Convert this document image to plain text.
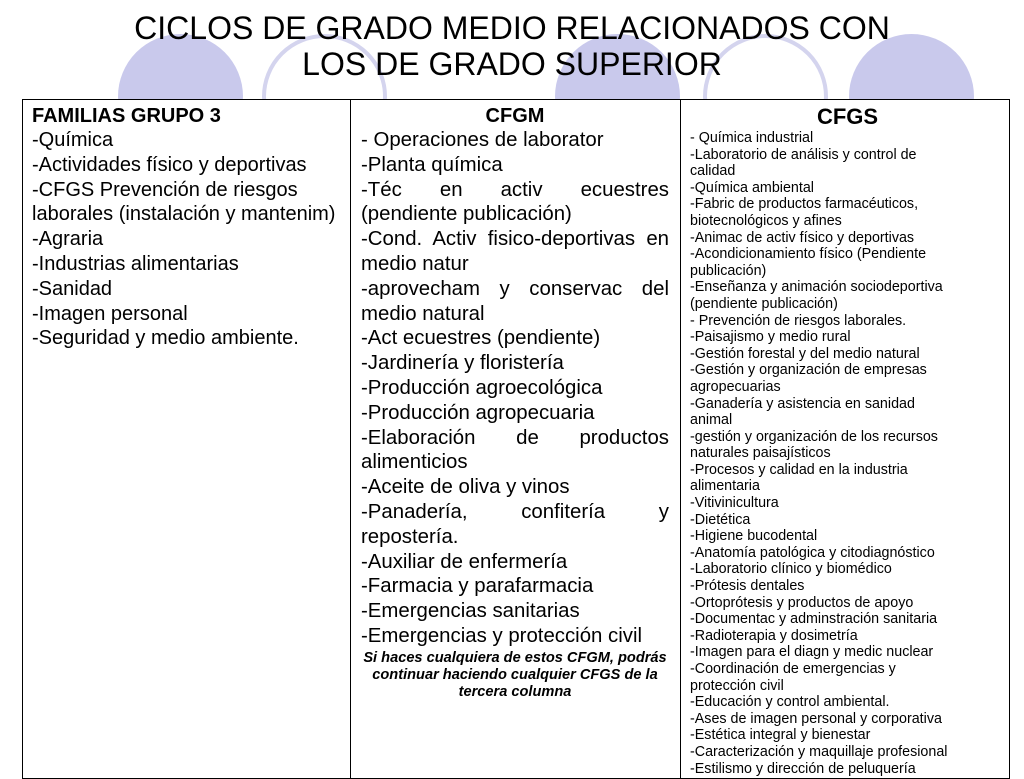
CICLOS DE GRADO MEDIO RELACIONADOS CON
LOS DE GRADO SUPERIOR
FAMILIAS GRUPO 3
-Química
-Actividades físico y deportivas
-CFGS Prevención de riesgos laborales (instalación y mantenim)
-Agraria
-Industrias alimentarias
-Sanidad
-Imagen personal
-Seguridad y medio ambiente.
CFGM
- Operaciones de laborator
-Planta química
-Téc en activ ecuestres (pendiente publicación)
-Cond. Activ fisico-deportivas en medio natur
-aprovecham y conservac del medio natural
-Act ecuestres (pendiente)
-Jardinería y floristería
-Producción agroecológica
-Producción agropecuaria
-Elaboración de productos alimenticios
-Aceite de oliva y vinos
-Panadería, confitería y repostería.
-Auxiliar de enfermería
-Farmacia y parafarmacia
-Emergencias sanitarias
-Emergencias y protección civil
Si haces cualquiera de estos CFGM, podrás continuar haciendo cualquier CFGS de la tercera columna
CFGS
- Química industrial
-Laboratorio de análisis y control de
calidad
-Química ambiental
-Fabric de productos farmacéuticos,
biotecnológicos y afines
-Animac de activ físico y deportivas
-Acondicionamiento físico (Pendiente
publicación)
-Enseñanza y animación sociodeportiva
(pendiente publicación)
- Prevención de riesgos laborales.
-Paisajismo y medio rural
-Gestión forestal y del medio natural
-Gestión y organización de empresas
agropecuarias
-Ganadería y asistencia en sanidad
animal
-gestión y organización de los recursos
naturales paisajísticos
-Procesos y calidad en la industria
alimentaria
-Vitivinicultura
-Dietética
-Higiene bucodental
-Anatomía patológica y citodiagnóstico
-Laboratorio clínico y biomédico
-Prótesis dentales
-Ortoprótesis y productos de apoyo
-Documentac y adminstración sanitaria
-Radioterapia y dosimetría
-Imagen para el diagn y medic nuclear
-Coordinación de emergencias y
protección civil
-Educación y control ambiental.
-Ases de imagen personal y corporativa
-Estética integral y bienestar
-Caracterización y maquillaje profesional
-Estilismo y dirección de peluquería
